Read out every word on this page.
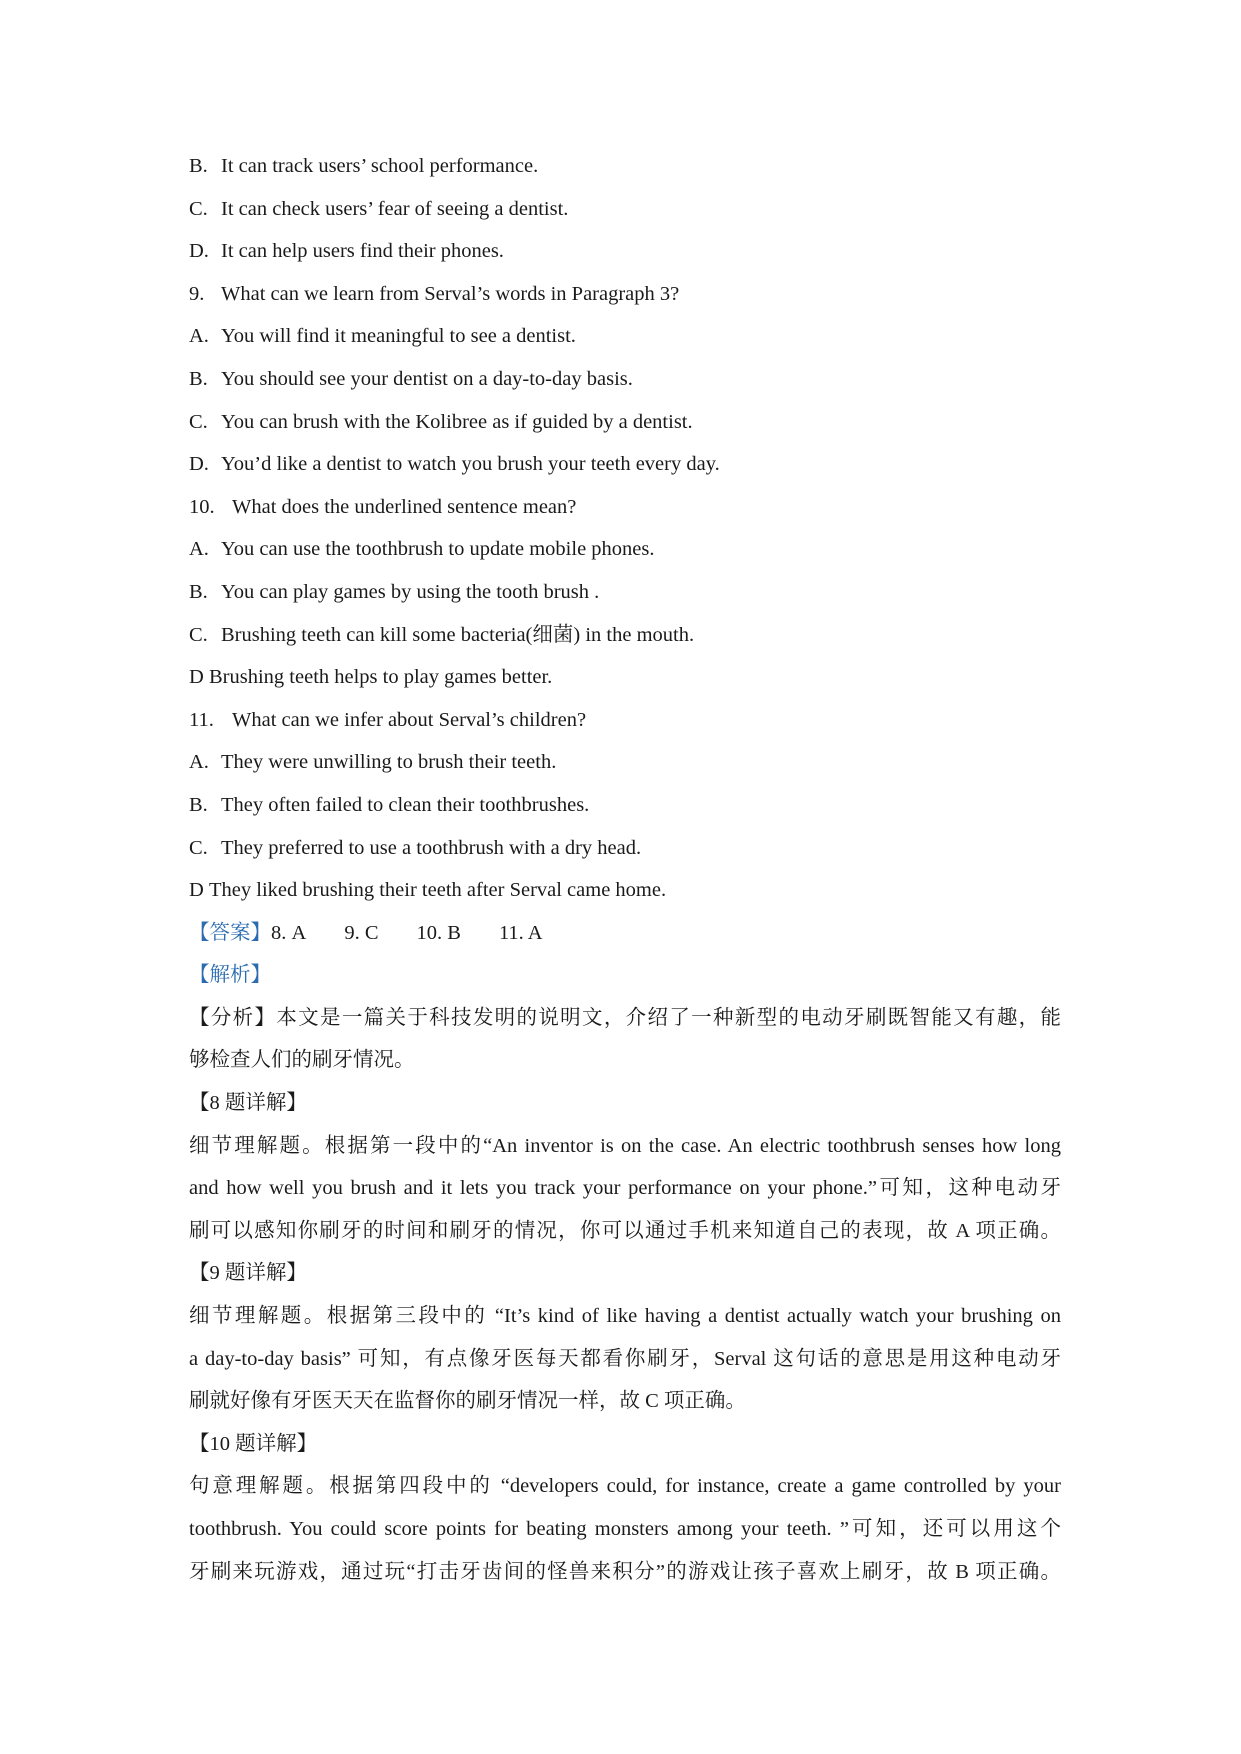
B. It can track users’ school performance.
C. It can check users’ fear of seeing a dentist.
D. It can help users find their phones.
9. What can we learn from Serval’s words in Paragraph 3?
A. You will find it meaningful to see a dentist.
B. You should see your dentist on a day-to-day basis.
C. You can brush with the Kolibree as if guided by a dentist.
D. You’d like a dentist to watch you brush your teeth every day.
10. What does the underlined sentence mean?
A. You can use the toothbrush to update mobile phones.
B. You can play games by using the tooth brush .
C. Brushing teeth can kill some bacteria(细菌) in the mouth.
D Brushing teeth helps to play games better.
11. What can we infer about Serval’s children?
A. They were unwilling to brush their teeth.
B. They often failed to clean their toothbrushes.
C. They preferred to use a toothbrush with a dry head.
D They liked brushing their teeth after Serval came home.
【答案】8. A 9. C 10. B 11. A
【解析】
【分析】本文是一篇关于科技发明的说明文，介绍了一种新型的电动牙刷既智能又有趣，能
够检查人们的刷牙情况。
【8 题详解】
细节理解题。根据第一段中的“An inventor is on the case. An electric toothbrush senses how long
and how well you brush and it lets you track your performance on your phone.”可知，这种电动牙
刷可以感知你刷牙的时间和刷牙的情况，你可以通过手机来知道自己的表现，故 A 项正确。
【9 题详解】
细节理解题。根据第三段中的 “It’s kind of like having a dentist actually watch your brushing on
a day-to-day basis” 可知，有点像牙医每天都看你刷牙，Serval 这句话的意思是用这种电动牙
刷就好像有牙医天天在监督你的刷牙情况一样，故 C 项正确。
【10 题详解】
句意理解题。根据第四段中的 “developers could, for instance, create a game controlled by your
toothbrush. You could score points for beating monsters among your teeth. ”可知，还可以用这个
牙刷来玩游戏，通过玩“打击牙齿间的怪兽来积分”的游戏让孩子喜欢上刷牙，故 B 项正确。
